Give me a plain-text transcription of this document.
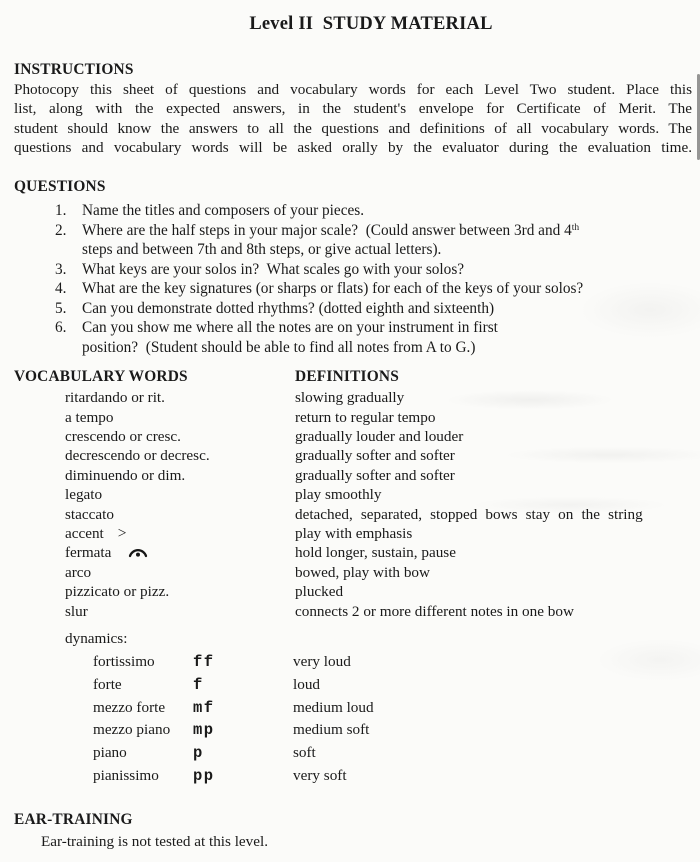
Level II  STUDY MATERIAL
INSTRUCTIONS
Photocopy this sheet of questions and vocabulary words for each Level Two student. Place this
list, along with the expected answers, in the student's envelope for Certificate of Merit. The
student should know the answers to all the questions and definitions of all vocabulary words. The
questions and vocabulary words will be asked orally by the evaluator during the evaluation time.
QUESTIONS
1.	Name the titles and composers of your pieces.
2.	Where are the half steps in your major scale?  (Could answer between 3rd and 4th
steps and between 7th and 8th steps, or give actual letters).
3.	What keys are your solos in?  What scales go with your solos?
4.	What are the key signatures (or sharps or flats) for each of the keys of your solos?
5.	Can you demonstrate dotted rhythms? (dotted eighth and sixteenth)
6.	Can you show me where all the notes are on your instrument in first
position?  (Student should be able to find all notes from A to G.)
VOCABULARY WORDS	DEFINITIONS
ritardando or rit.	slowing gradually
a tempo	return to regular tempo
crescendo or cresc.	gradually louder and louder
decrescendo or decresc.	gradually softer and softer
diminuendo or dim.	gradually softer and softer
legato	play smoothly
staccato	detached, separated, stopped bows stay on the string
accent >	play with emphasis
fermata	hold longer, sustain, pause
arco	bowed, play with bow
pizzicato or pizz.	plucked
slur	connects 2 or more different notes in one bow
dynamics:
fortissimo	ff	very loud
forte	f	loud
mezzo forte	mf	medium loud
mezzo piano	mp	medium soft
piano	p	soft
pianissimo	pp	very soft
EAR-TRAINING
Ear-training is not tested at this level.
